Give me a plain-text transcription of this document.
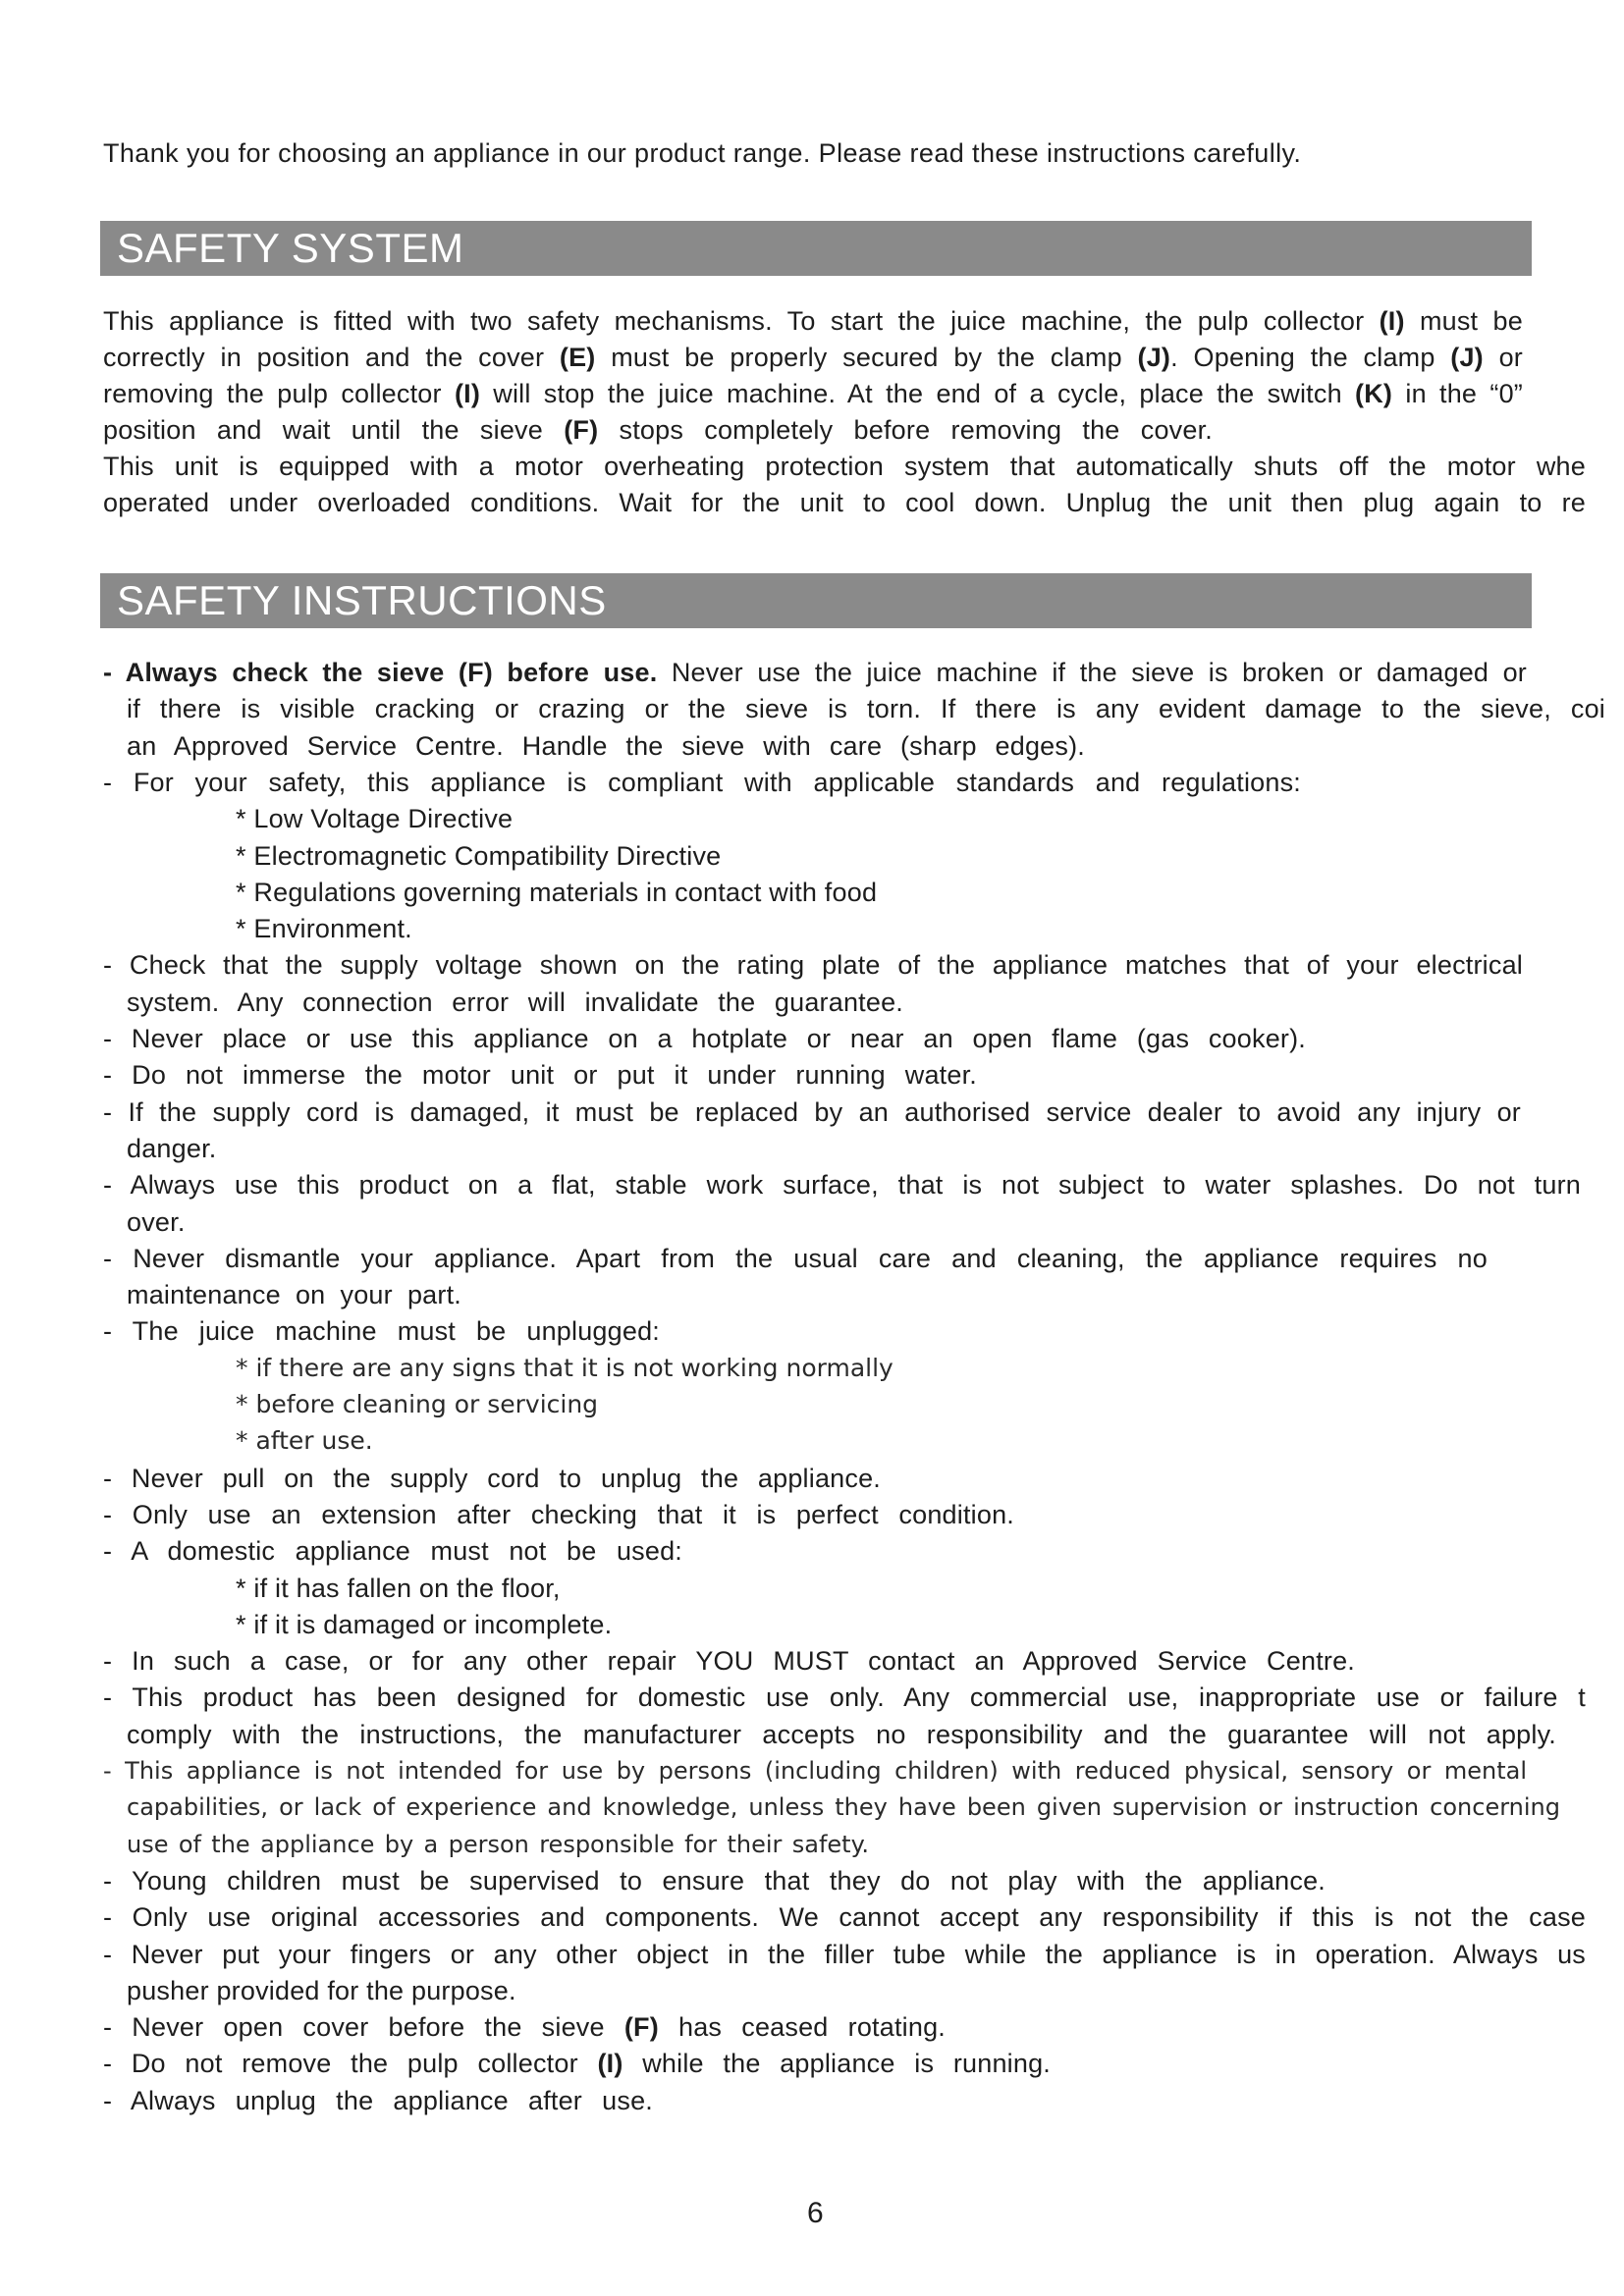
Thank you for choosing an appliance in our product range. Please read these instructions carefully.
SAFETY SYSTEM
This appliance is fitted with two safety mechanisms. To start the juice machine, the pulp collector (I) must be
correctly in position and the cover (E) must be properly secured by the clamp (J). Opening the clamp (J) or
removing the pulp collector (I) will stop the juice machine. At the end of a cycle, place the switch (K) in the “0”
position and wait until the sieve (F) stops completely before removing the cover.
This unit is equipped with a motor overheating protection system that automatically shuts off the motor whe
operated under overloaded conditions. Wait for the unit to cool down. Unplug the unit then plug again to re
SAFETY INSTRUCTIONS
- Always check the sieve (F) before use. Never use the juice machine if the sieve is broken or damaged or
if there is visible cracking or crazing or the sieve is torn. If there is any evident damage to the sieve, coi
an Approved Service Centre. Handle the sieve with care (sharp edges).
- For your safety, this appliance is compliant with applicable standards and regulations:
* Low Voltage Directive
* Electromagnetic Compatibility Directive
* Regulations governing materials in contact with food
* Environment.
- Check that the supply voltage shown on the rating plate of the appliance matches that of your electrical
system. Any connection error will invalidate the guarantee.
- Never place or use this appliance on a hotplate or near an open flame (gas cooker).
- Do not immerse the motor unit or put it under running water.
- If the supply cord is damaged, it must be replaced by an authorised service dealer to avoid any injury or
danger.
- Always use this product on a flat, stable work surface, that is not subject to water splashes. Do not turn
over.
- Never dismantle your appliance. Apart from the usual care and cleaning, the appliance requires no
maintenance on your part.
- The juice machine must be unplugged:
* if there are any signs that it is not working normally
* before cleaning or servicing
* after use.
- Never pull on the supply cord to unplug the appliance.
- Only use an extension after checking that it is perfect condition.
- A domestic appliance must not be used:
* if it has fallen on the floor,
* if it is damaged or incomplete.
- In such a case, or for any other repair YOU MUST contact an Approved Service Centre.
- This product has been designed for domestic use only. Any commercial use, inappropriate use or failure t
comply with the instructions, the manufacturer accepts no responsibility and the guarantee will not apply.
- This appliance is not intended for use by persons (including children) with reduced physical, sensory or mental
capabilities, or lack of experience and knowledge, unless they have been given supervision or instruction concerning
use of the appliance by a person responsible for their safety.
- Young children must be supervised to ensure that they do not play with the appliance.
- Only use original accessories and components. We cannot accept any responsibility if this is not the case
- Never put your fingers or any other object in the filler tube while the appliance is in operation. Always us
pusher provided for the purpose.
- Never open cover before the sieve (F) has ceased rotating.
- Do not remove the pulp collector (I) while the appliance is running.
- Always unplug the appliance after use.
6
